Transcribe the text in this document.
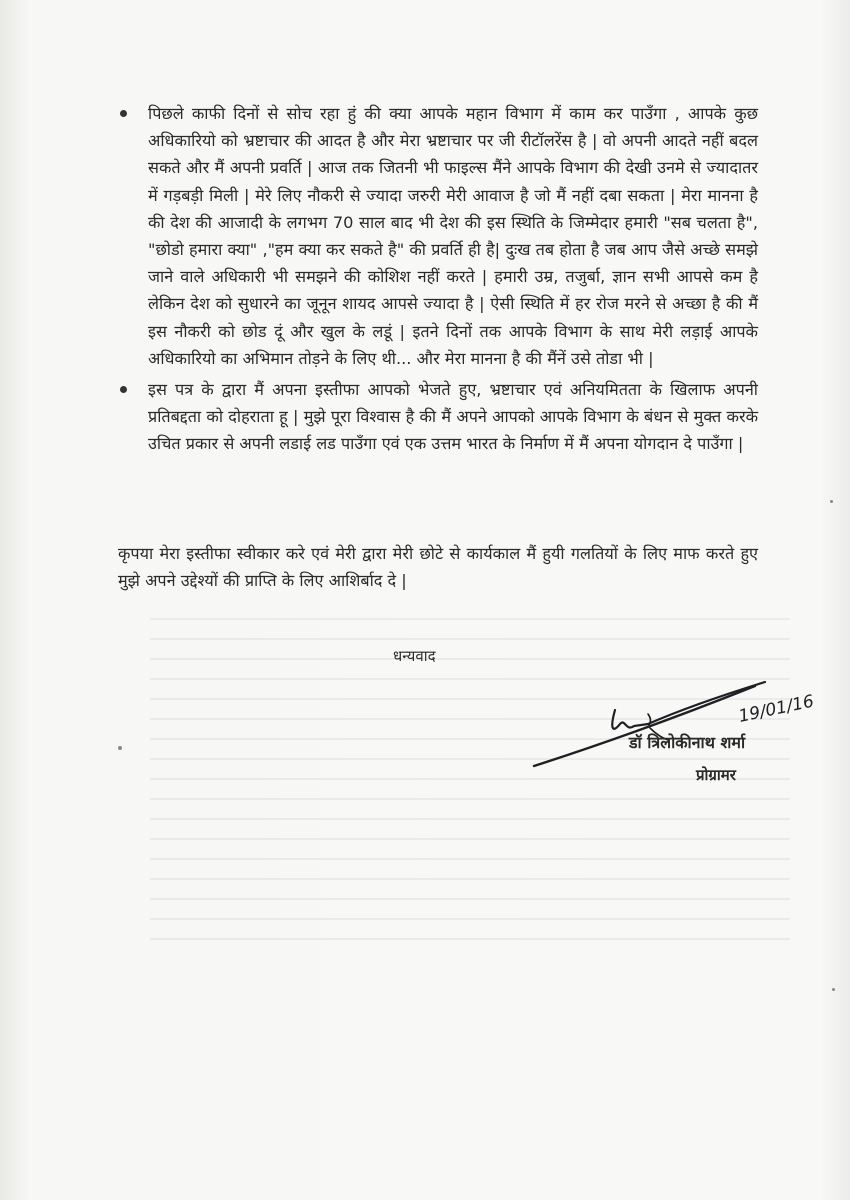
पिछले काफी दिनों से सोच रहा हुं की क्या आपके महान विभाग में काम कर पाउँगा , आपके कुछ अधिकारियो को भ्रष्टाचार की आदत है और मेरा भ्रष्टाचार पर जी रीटॉलरेंस है | वो अपनी आदते नहीं बदल सकते और मैं अपनी प्रवर्ति | आज तक जितनी भी फाइल्स मैंने आपके विभाग की देखी उनमे से ज्यादातर में गड़बड़ी मिली | मेरे लिए नौकरी से ज्यादा जरुरी मेरी आवाज है जो मैं नहीं दबा सकता | मेरा मानना है की देश की आजादी के लगभग 70 साल बाद भी देश की इस स्थिति के जिम्मेदार हमारी "सब चलता है", "छोडो हमारा क्या" ,"हम क्या कर सकते है" की प्रवर्ति ही है| दुःख तब होता है जब आप जैसे अच्छे समझे जाने वाले अधिकारी भी समझने की कोशिश नहीं करते | हमारी उम्र, तजुर्बा, ज्ञान सभी आपसे कम है लेकिन देश को सुधारने का जूनून शायद आपसे ज्यादा है | ऐसी स्थिति में हर रोज मरने से अच्छा है की मैं इस नौकरी को छोड दूं और खुल के लडूं | इतने दिनों तक आपके विभाग के साथ मेरी लड़ाई आपके अधिकारियो का अभिमान तोड़ने के लिए थी... और मेरा मानना है की मैंनें उसे तोडा भी |
इस पत्र के द्वारा मैं अपना इस्तीफा आपको भेजते हुए, भ्रष्टाचार एवं अनियमितता के खिलाफ अपनी प्रतिबद्दता को दोहराता हू | मुझे पूरा विश्वास है की मैं अपने आपको आपके विभाग के बंधन से मुक्त करके उचित प्रकार से अपनी लडाई लड पाउँगा एवं एक उत्तम भारत के निर्माण में मैं अपना योगदान दे पाउँगा |

कृपया मेरा इस्तीफा स्वीकार करे एवं मेरी द्वारा मेरी छोटे से कार्यकाल मैं हुयी गलतियों के लिए माफ करते हुए मुझे अपने उद्देश्यों की प्राप्ति के लिए आशिर्बाद दे |

धन्यवाद

19/01/16

डॉ त्रिलोकीनाथ शर्मा

प्रोग्रामर
